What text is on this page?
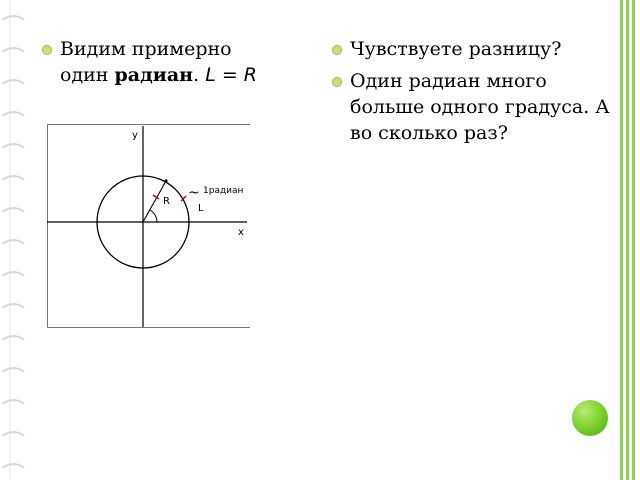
Видим примерно
один радиан. L = R
Чувствуете разницу?
Один радиан много больше одного градуса. А во сколько раз?
y
x
R
L
~ 1радиан
